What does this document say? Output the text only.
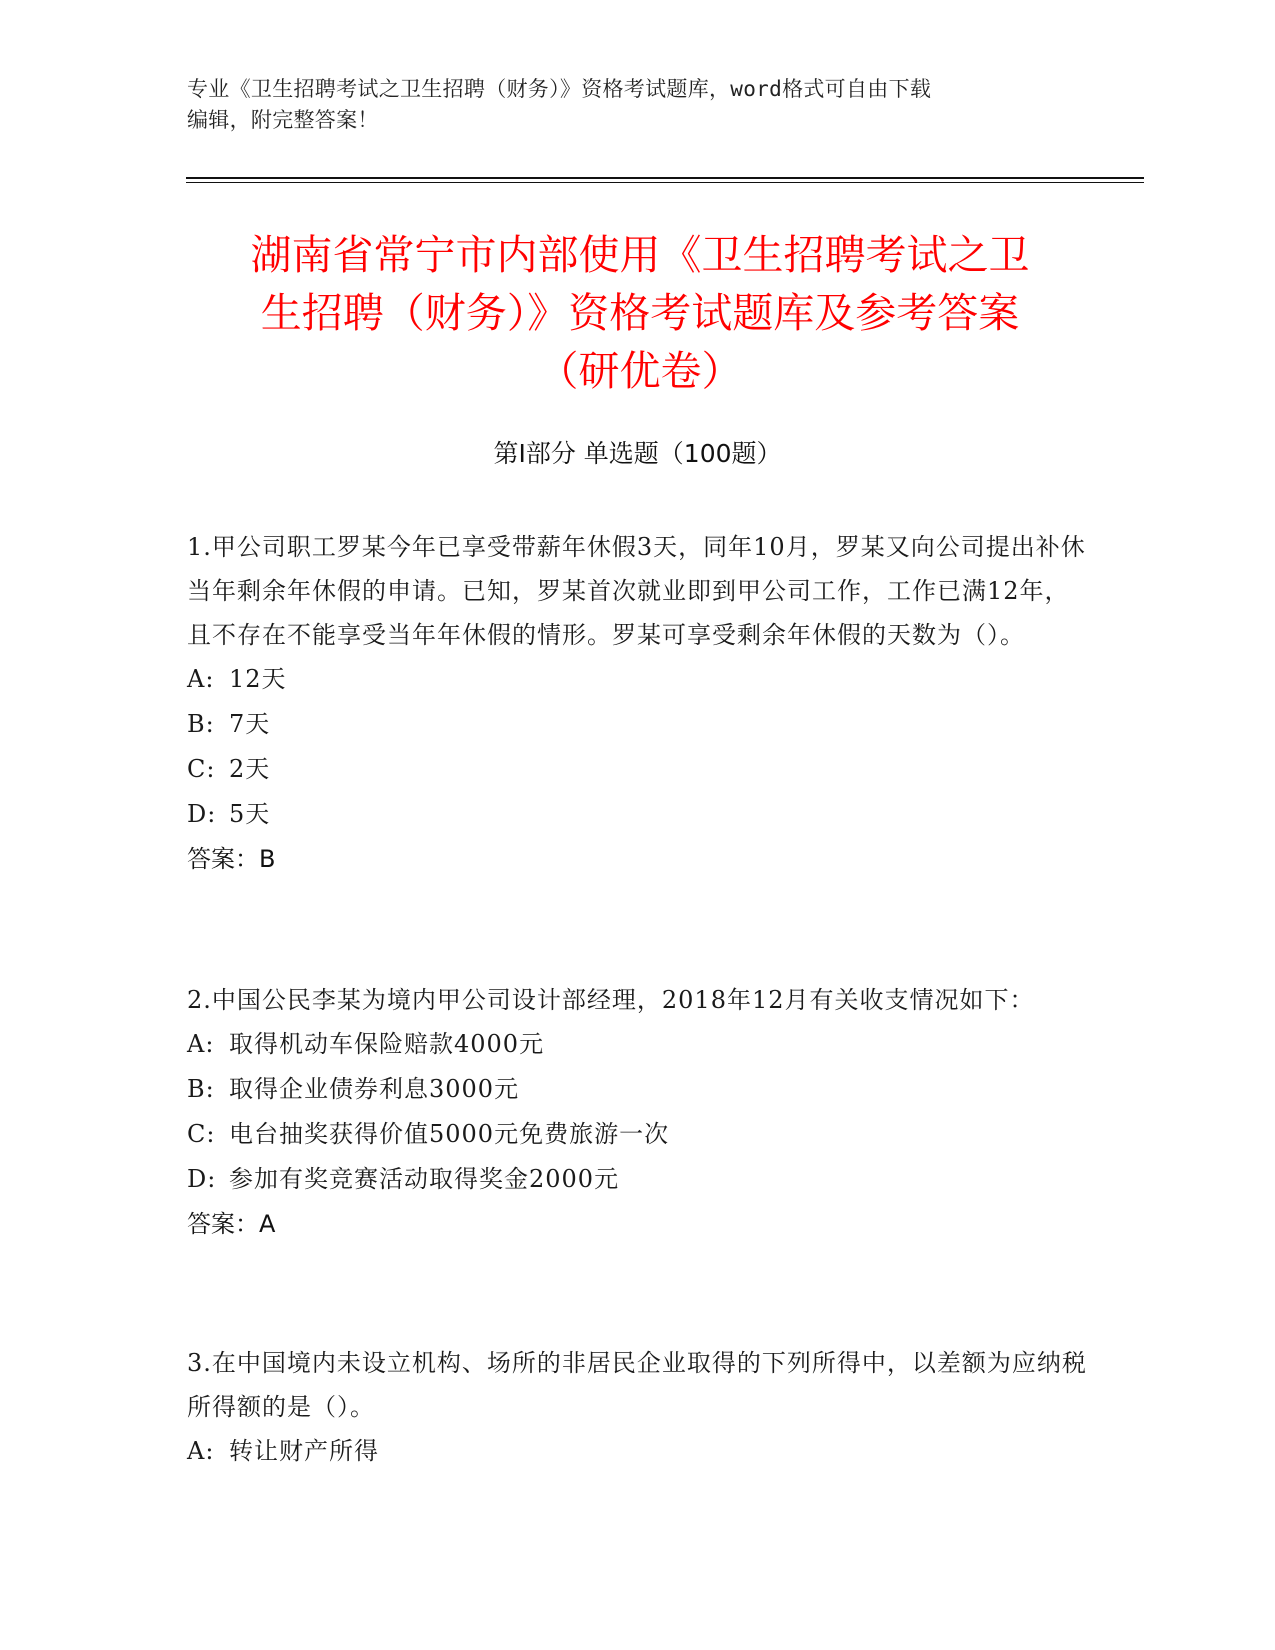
专业《卫生招聘考试之卫生招聘（财务）》资格考试题库，word格式可自由下载
编辑，附完整答案！
湖南省常宁市内部使用《卫生招聘考试之卫
生招聘（财务）》资格考试题库及参考答案
（研优卷）
第Ⅰ部分 单选题（100题）

1.甲公司职工罗某今年已享受带薪年休假3天，同年10月，罗某又向公司提出补休当年剩余年休假的申请。已知，罗某首次就业即到甲公司工作，工作已满12年，且不存在不能享受当年年休假的情形。罗某可享受剩余年休假的天数为（）。

A: 12天
B: 7天
C: 2天
D: 5天
答案：B

2.中国公民李某为境内甲公司设计部经理，2018年12月有关收支情况如下：

A: 取得机动车保险赔款4000元
B: 取得企业债券利息3000元
C: 电台抽奖获得价值5000元免费旅游一次
D: 参加有奖竞赛活动取得奖金2000元
答案：A

3.在中国境内未设立机构、场所的非居民企业取得的下列所得中，以差额为应纳税所得额的是（）。

A: 转让财产所得
